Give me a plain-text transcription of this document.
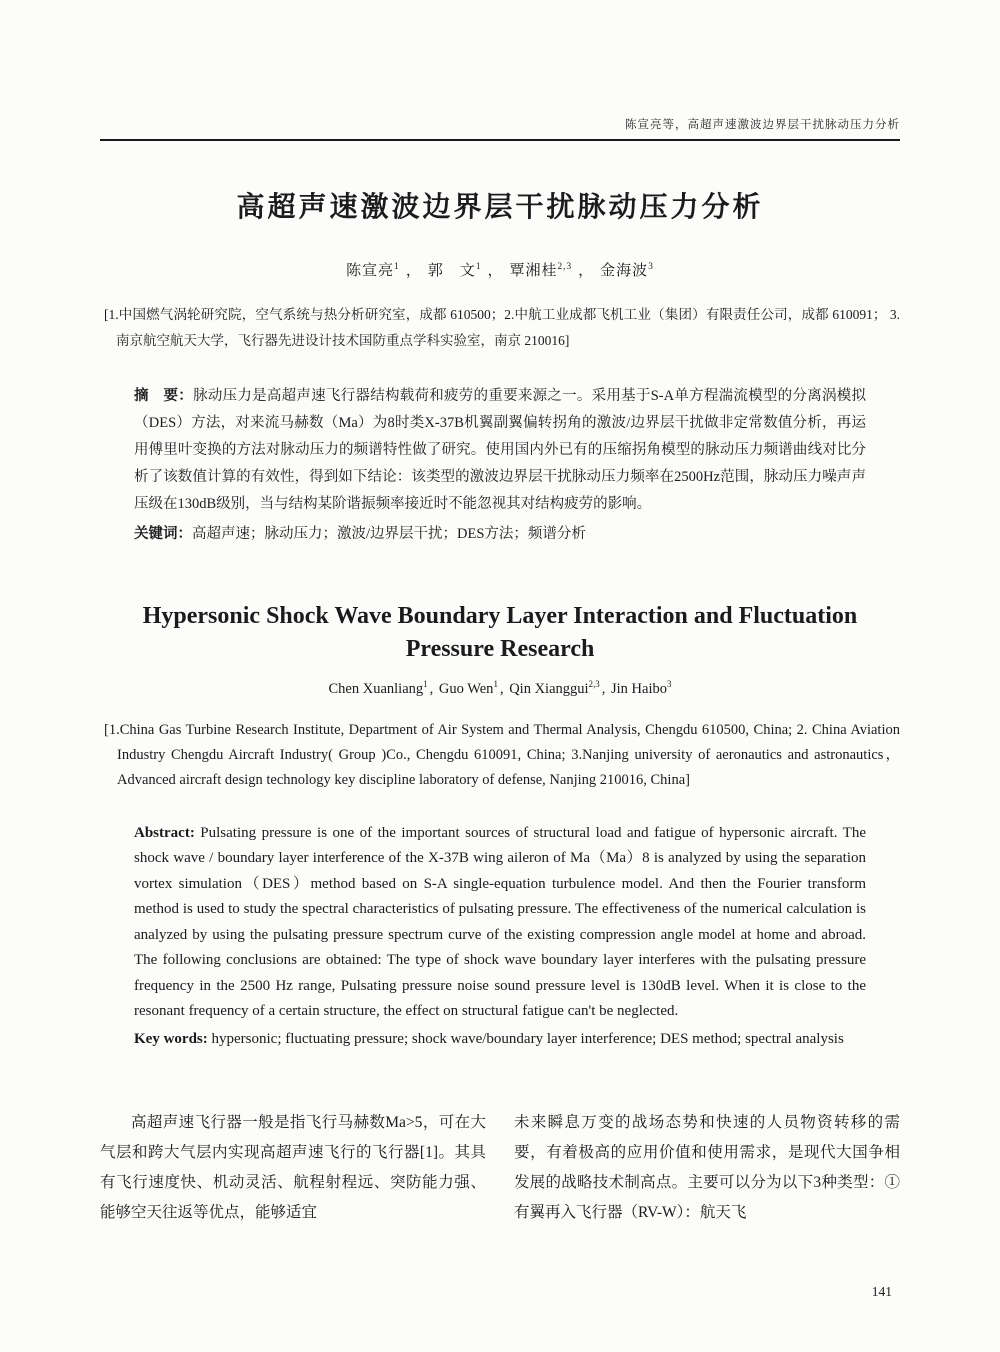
陈宣亮等，高超声速激波边界层干扰脉动压力分析
高超声速激波边界层干扰脉动压力分析
陈宣亮$^1$ ， 郭　文$^1$ ， 覃湘桂$^{2,3}$ ， 金海波$^3$
[1.中国燃气涡轮研究院，空气系统与热分析研究室，成都 610500；2.中航工业成都飞机工业（集团）有限责任公司，成都 610091； 3.南京航空航天大学，飞行器先进设计技术国防重点学科实验室，南京 210016]
摘　要：脉动压力是高超声速飞行器结构载荷和疲劳的重要来源之一。采用基于S-A单方程湍流模型的分离涡模拟（DES）方法，对来流马赫数（Ma）为8时类X-37B机翼副翼偏转拐角的激波/边界层干扰做非定常数值分析，再运用傅里叶变换的方法对脉动压力的频谱特性做了研究。使用国内外已有的压缩拐角模型的脉动压力频谱曲线对比分析了该数值计算的有效性，得到如下结论：该类型的激波边界层干扰脉动压力频率在2500Hz范围，脉动压力噪声声压级在130dB级别，当与结构某阶谐振频率接近时不能忽视其对结构疲劳的影响。
关键词：高超声速；脉动压力；激波/边界层干扰；DES方法；频谱分析
Hypersonic Shock Wave Boundary Layer Interaction and Fluctuation
Pressure Research
Chen Xuanliang$^1$ , Guo Wen$^1$ , Qin Xianggui$^{2,3}$ , Jin Haibo$^3$
[1.China Gas Turbine Research Institute, Department of Air System and Thermal Analysis, Chengdu 610500, China; 2. China Aviation Industry Chengdu Aircraft Industry( Group )Co., Chengdu 610091, China; 3.Nanjing university of aeronautics and astronautics，Advanced aircraft design technology key discipline laboratory of defense, Nanjing 210016, China]
Abstract: Pulsating pressure is one of the important sources of structural load and fatigue of hypersonic aircraft. The shock wave / boundary layer interference of the X-37B wing aileron of Ma（Ma）8 is analyzed by using the separation vortex simulation（DES）method based on S-A single-equation turbulence model. And then the Fourier transform method is used to study the spectral characteristics of pulsating pressure. The effectiveness of the numerical calculation is analyzed by using the pulsating pressure spectrum curve of the existing compression angle model at home and abroad. The following conclusions are obtained: The type of shock wave boundary layer interferes with the pulsating pressure frequency in the 2500 Hz range, Pulsating pressure noise sound pressure level is 130dB level. When it is close to the resonant frequency of a certain structure, the effect on structural fatigue can't be neglected.
Key words: hypersonic; fluctuating pressure; shock wave/boundary layer interference; DES method; spectral analysis

高超声速飞行器一般是指飞行马赫数Ma>5，可在大气层和跨大气层内实现高超声速飞行的飞行器[1]。其具有飞行速度快、机动灵活、航程射程远、突防能力强、能够空天往返等优点，能够适宜

未来瞬息万变的战场态势和快速的人员物资转移的需要，有着极高的应用价值和使用需求，是现代大国争相发展的战略技术制高点。主要可以分为以下3种类型：①有翼再入飞行器（RV-W）：航天飞

141
